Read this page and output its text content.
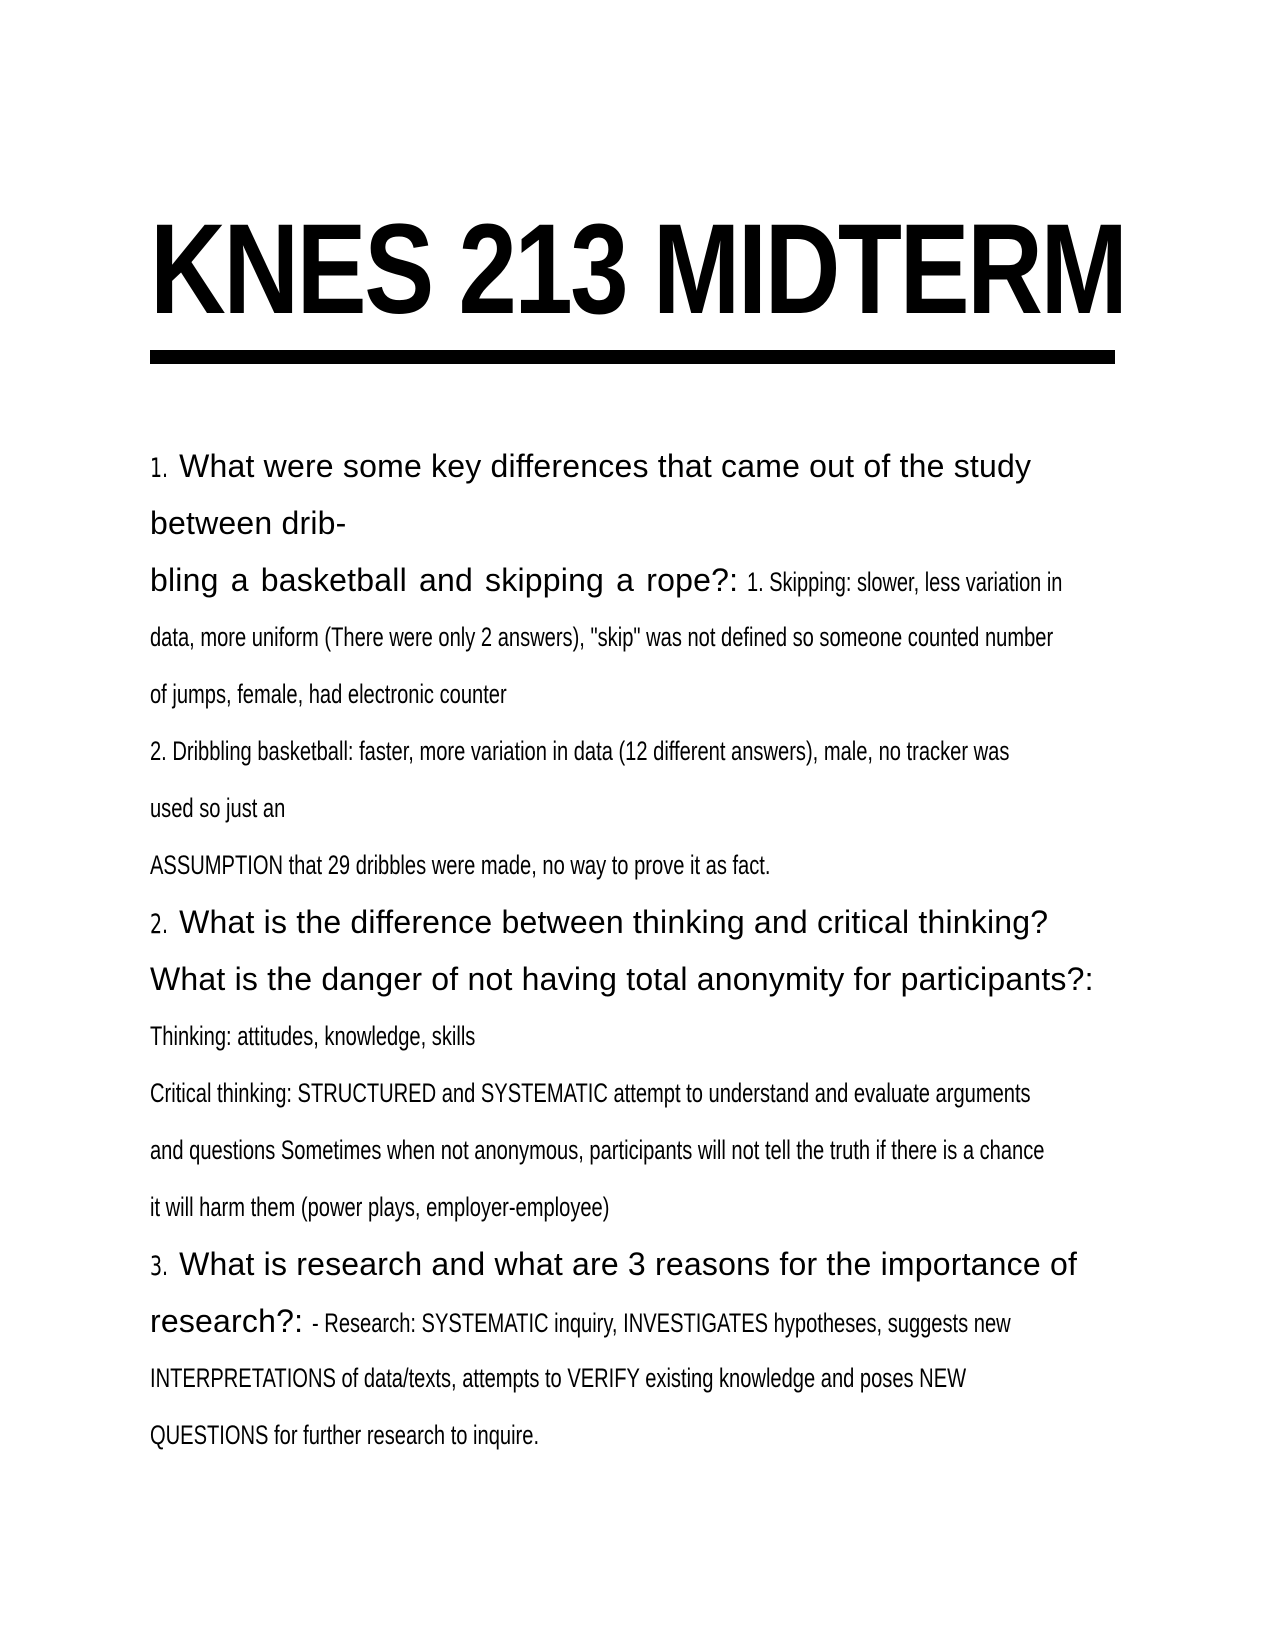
KNES 213 MIDTERM
1. What were some key differences that came out of the study
between drib-
bling a basketball and skipping a rope?: 1. Skipping: slower, less variation in
data, more uniform (There were only 2 answers), "skip" was not defined so someone counted number
of jumps, female, had electronic counter
2. Dribbling basketball: faster, more variation in data (12 different answers), male, no tracker was
used so just an
ASSUMPTION that 29 dribbles were made, no way to prove it as fact.
2. What is the difference between thinking and critical thinking?
What is the danger of not having total anonymity for participants?:
Thinking: attitudes, knowledge, skills
Critical thinking: STRUCTURED and SYSTEMATIC attempt to understand and evaluate arguments
and questions Sometimes when not anonymous, participants will not tell the truth if there is a chance
it will harm them (power plays, employer-employee)
3. What is research and what are 3 reasons for the importance of
research?: - Research: SYSTEMATIC inquiry, INVESTIGATES hypotheses, suggests new
INTERPRETATIONS of data/texts, attempts to VERIFY existing knowledge and poses NEW
QUESTIONS for further research to inquire.
